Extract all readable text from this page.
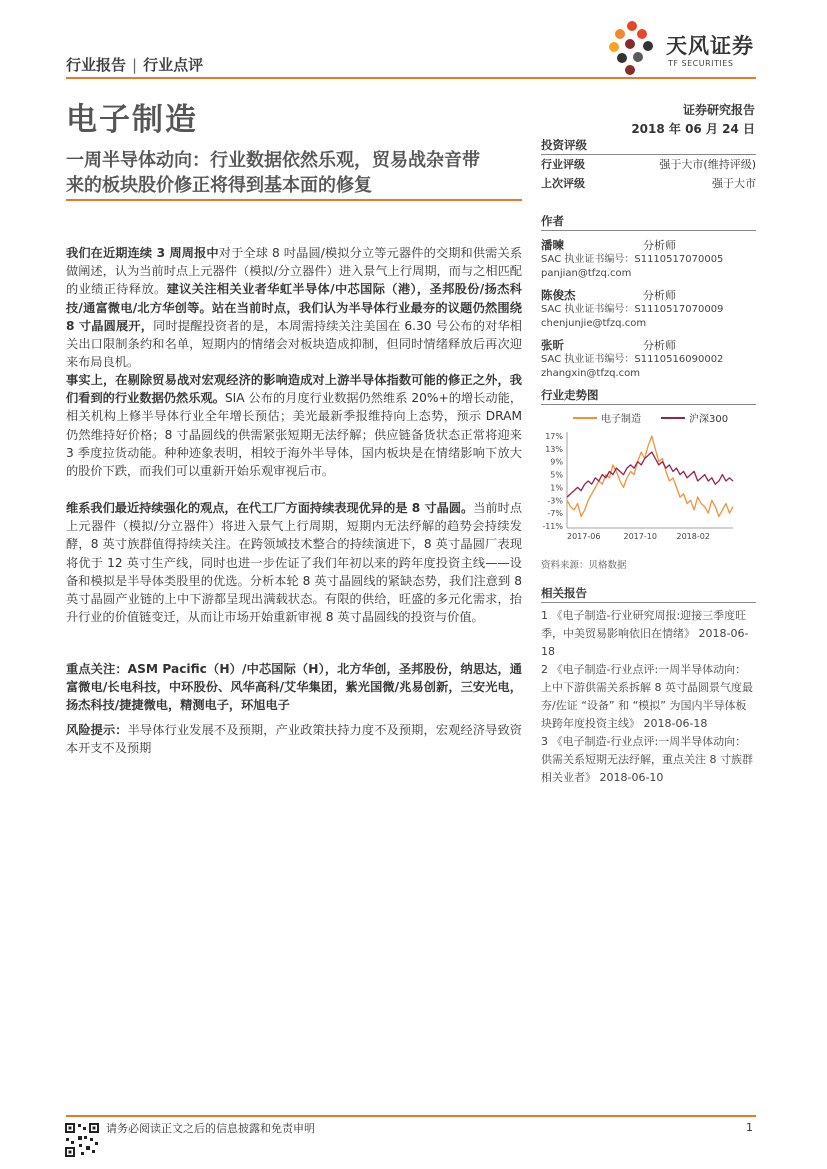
行业报告 | 行业点评
天风证券
TF SECURITIES
电子制造	证券研究报告
2018 年 06 月 24 日
一周半导体动向：行业数据依然乐观，贸易战杂音带
来的板块股价修正将得到基本面的修复
我们在近期连续 3 周周报中对于全球 8 吋晶圆/模拟分立等元器件的交期和供需关系做阐述，认为当前时点上元器件（模拟/分立器件）进入景气上行周期，而与之相匹配的业绩正待释放。建议关注相关业者华虹半导体/中芯国际（港），圣邦股份/扬杰科技/通富微电/北方华创等。站在当前时点，我们认为半导体行业最夯的议题仍然围绕 8 寸晶圆展开，同时提醒投资者的是，本周需持续关注美国在 6.30 号公布的对华相关出口限制条约和名单，短期内的情绪会对板块造成抑制，但同时情绪释放后再次迎来布局良机。
事实上，在剔除贸易战对宏观经济的影响造成对上游半导体指数可能的修正之外，我们看到的行业数据仍然乐观。SIA 公布的月度行业数据仍然维系 20%+的增长动能，相关机构上修半导体行业全年增长预估；美光最新季报维持向上态势，预示 DRAM 仍然维持好价格；8 寸晶圆线的供需紧张短期无法纾解；供应链备货状态正常将迎来 3 季度拉货动能。种种迹象表明，相较于海外半导体，国内板块是在情绪影响下放大的股价下跌，而我们可以重新开始乐观审视后市。
维系我们最近持续强化的观点，在代工厂方面持续表现优异的是 8 寸晶圆。当前时点上元器件（模拟/分立器件）将进入景气上行周期，短期内无法纾解的趋势会持续发酵，8 英寸族群值得持续关注。在跨领域技术整合的持续演进下，8 英寸晶圆厂表现将优于 12 英寸生产线，同时也进一步佐证了我们年初以来的跨年度投资主线——设备和模拟是半导体类股里的优选。分析本轮 8 英寸晶圆线的紧缺态势，我们注意到 8 英寸晶圆产业链的上中下游都呈现出满载状态。有限的供给，旺盛的多元化需求，抬升行业的价值链变迁，从而让市场开始重新审视 8 英寸晶圆线的投资与价值。
重点关注：ASM Pacific（H）/中芯国际（H），北方华创，圣邦股份，纳思达，通富微电/长电科技，中环股份、风华高科/艾华集团，紫光国微/兆易创新，三安光电，扬杰科技/捷捷微电，精测电子，环旭电子
风险提示：半导体行业发展不及预期，产业政策扶持力度不及预期，宏观经济导致资本开支不及预期
投资评级
行业评级	强于大市(维持评级)
上次评级	强于大市
作者
潘暕	分析师
SAC 执业证书编号：S1110517070005
panjian@tfzq.com
陈俊杰	分析师
SAC 执业证书编号：S1110517070009
chenjunjie@tfzq.com
张昕	分析师
SAC 执业证书编号：S1110516090002
zhangxin@tfzq.com
行业走势图
电子制造	沪深300
17%
13%
9%
5%
1%
-3%
-7%
-11%
2017-06	2017-10 2018-02
资料来源：贝格数据
相关报告
1 《电子制造-行业研究周报:迎接三季度旺季，中美贸易影响依旧在情绪》 2018-06-18
2 《电子制造-行业点评:一周半导体动向：上中下游供需关系拆解 8 英寸晶圆景气度最夯/佐证 “设备” 和 “模拟” 为国内半导体板块跨年度投资主线》 2018-06-18
3 《电子制造-行业点评:一周半导体动向：供需关系短期无法纾解，重点关注 8 寸族群相关业者》 2018-06-10
请务必阅读正文之后的信息披露和免责申明	1
